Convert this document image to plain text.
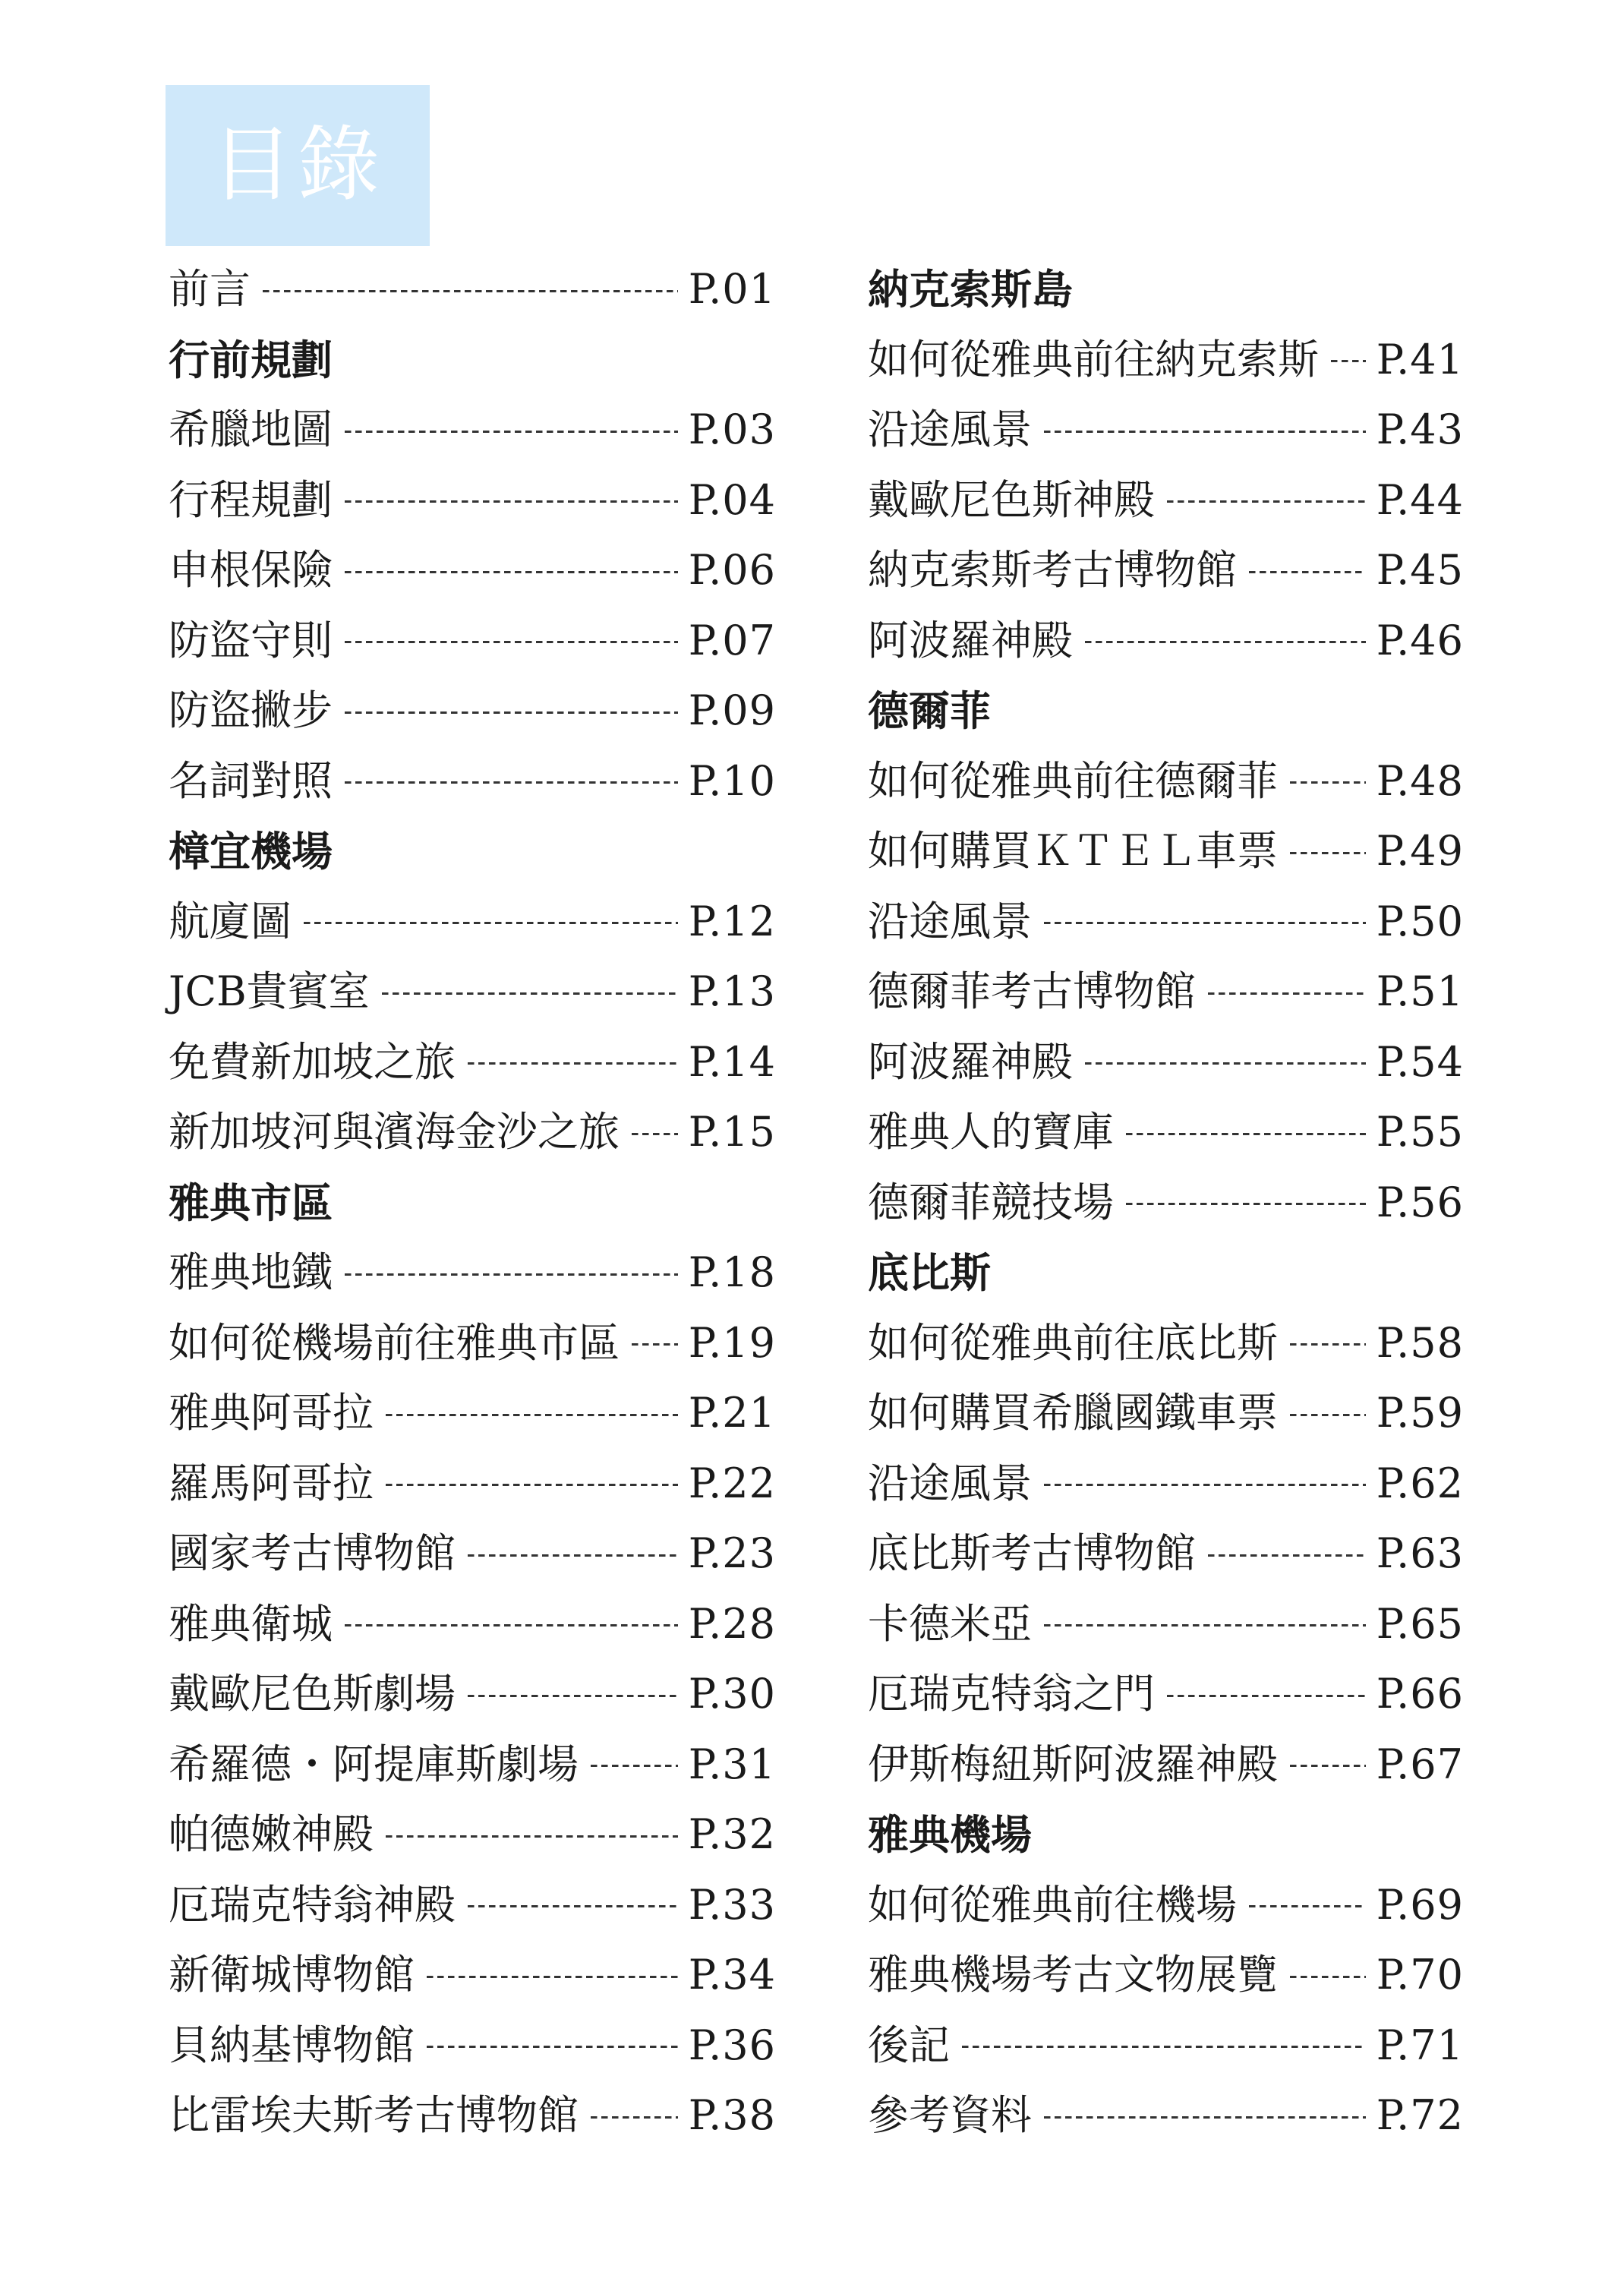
目錄
前言	P.01
行前規劃
希臘地圖	P.03
行程規劃	P.04
申根保險	P.06
防盜守則	P.07
防盜撇步	P.09
名詞對照	P.10
樟宜機場
航廈圖	P.12
JCB貴賓室	P.13
免費新加坡之旅	P.14
新加坡河與濱海金沙之旅 P.15
雅典市區
雅典地鐵	P.18
如何從機場前往雅典市區 P.19
雅典阿哥拉	P.21
羅馬阿哥拉	P.22
國家考古博物館	P.23
雅典衛城	P.28
戴歐尼色斯劇場	P.30
希羅德・阿提庫斯劇場	P.31
帕德嫩神殿	P.32
厄瑞克特翁神殿	P.33
新衛城博物館	P.34
貝納基博物館	P.36
比雷埃夫斯考古博物館	P.38
納克索斯島
如何從雅典前往納克索斯 P.41
沿途風景	P.43
戴歐尼色斯神殿	P.44
納克索斯考古博物館	P.45
阿波羅神殿	P.46
德爾菲
如何從雅典前往德爾菲 P.48
如何購買ＫＴＥＬ車票 P.49
沿途風景	P.50
德爾菲考古博物館	P.51
阿波羅神殿	P.54
雅典人的寶庫	P.55
德爾菲競技場	P.56
底比斯
如何從雅典前往底比斯 P.58
如何購買希臘國鐵車票 P.59
沿途風景	P.62
底比斯考古博物館	P.63
卡德米亞	P.65
厄瑞克特翁之門	P.66
伊斯梅紐斯阿波羅神殿 P.67
雅典機場
如何從雅典前往機場	P.69
雅典機場考古文物展覽 P.70
後記	P.71
參考資料	P.72
